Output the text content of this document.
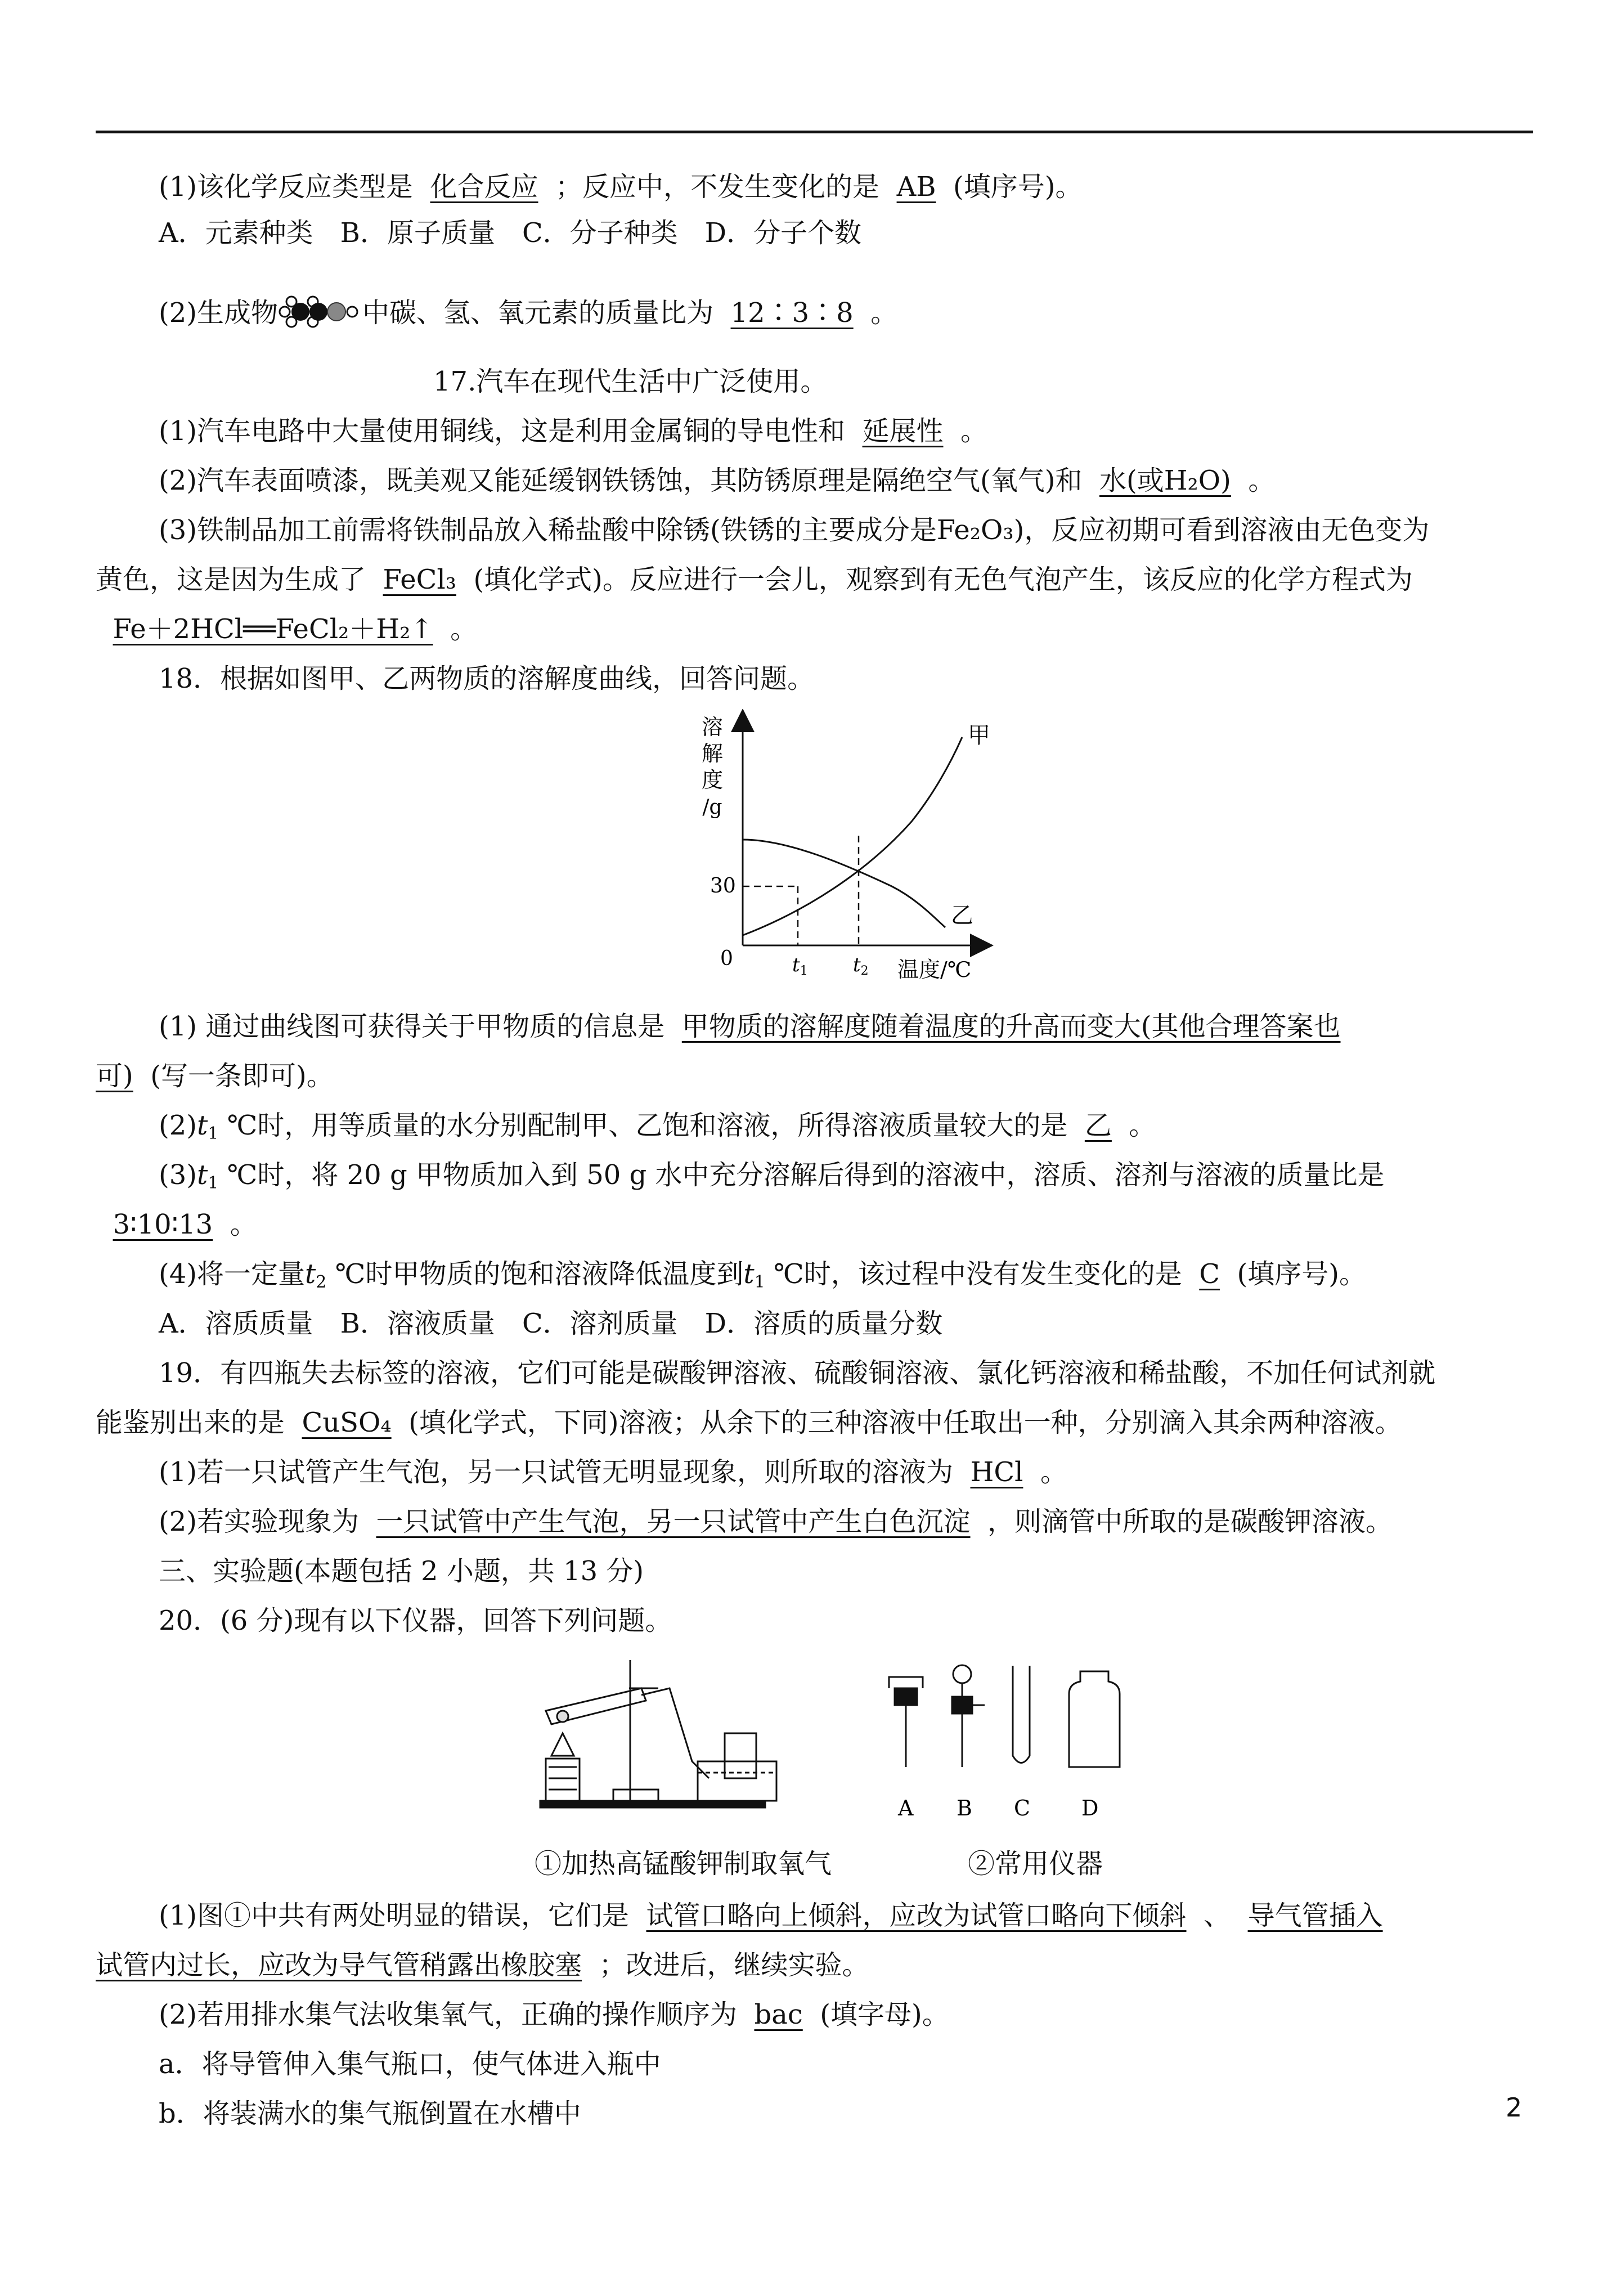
(1)该化学反应类型是 化合反应 ；反应中，不发生变化的是 AB (填序号)。
A．元素种类　B．原子质量　C．分子种类　D．分子个数
(2)生成物	中碳、氢、氧元素的质量比为 12∶3∶8 。
17.汽车在现代生活中广泛使用。
(1)汽车电路中大量使用铜线，这是利用金属铜的导电性和 延展性 。
(2)汽车表面喷漆，既美观又能延缓钢铁锈蚀，其防锈原理是隔绝空气(氧气)和 水(或H₂O) 。
(3)铁制品加工前需将铁制品放入稀盐酸中除锈(铁锈的主要成分是Fe₂O₃)，反应初期可看到溶液由无色变为
黄色，这是因为生成了 FeCl₃ (填化学式)。反应进行一会儿，观察到有无色气泡产生，该反应的化学方程式为
Fe＋2HCl══FeCl₂＋H₂↑ 。
18．根据如图甲、乙两物质的溶解度曲线，回答问题。
溶
解
度
/g
0
30
甲
乙
t1 t2 温度/℃
(1) 通过曲线图可获得关于甲物质的信息是 甲物质的溶解度随着温度的升高而变大(其他合理答案也
可) (写一条即可)。
$(2)t_1$ ℃时，用等质量的水分别配制甲、乙饱和溶液，所得溶液质量较大的是 乙 。
$(3)t_1$ ℃时，将 20 g 甲物质加入到 50 g 水中充分溶解后得到的溶液中，溶质、溶剂与溶液的质量比是
3∶10∶13 。
(4)将一定量$t_2$ ℃时甲物质的饱和溶液降低温度到$t_1$ ℃时，该过程中没有发生变化的是 C (填序号)。
A．溶质质量　B．溶液质量　C．溶剂质量　D．溶质的质量分数
19．有四瓶失去标签的溶液，它们可能是碳酸钾溶液、硫酸铜溶液、氯化钙溶液和稀盐酸，不加任何试剂就
能鉴别出来的是 CuSO₄ (填化学式，下同)溶液；从余下的三种溶液中任取出一种，分别滴入其余两种溶液。
(1)若一只试管产生气泡，另一只试管无明显现象，则所取的溶液为 HCl 。
(2)若实验现象为 一只试管中产生气泡，另一只试管中产生白色沉淀 ，则滴管中所取的是碳酸钾溶液。
三、实验题(本题包括 2 小题，共 13 分)
20．(6 分)现有以下仪器，回答下列问题。
A B C D
①加热高锰酸钾制取氧气	②常用仪器
(1)图①中共有两处明显的错误，它们是 试管口略向上倾斜，应改为试管口略向下倾斜 、 导气管插入
试管内过长，应改为导气管稍露出橡胶塞 ；改进后，继续实验。
(2)若用排水集气法收集氧气，正确的操作顺序为 bac (填字母)。
a．将导管伸入集气瓶口，使气体进入瓶中
b．将装满水的集气瓶倒置在水槽中	2
